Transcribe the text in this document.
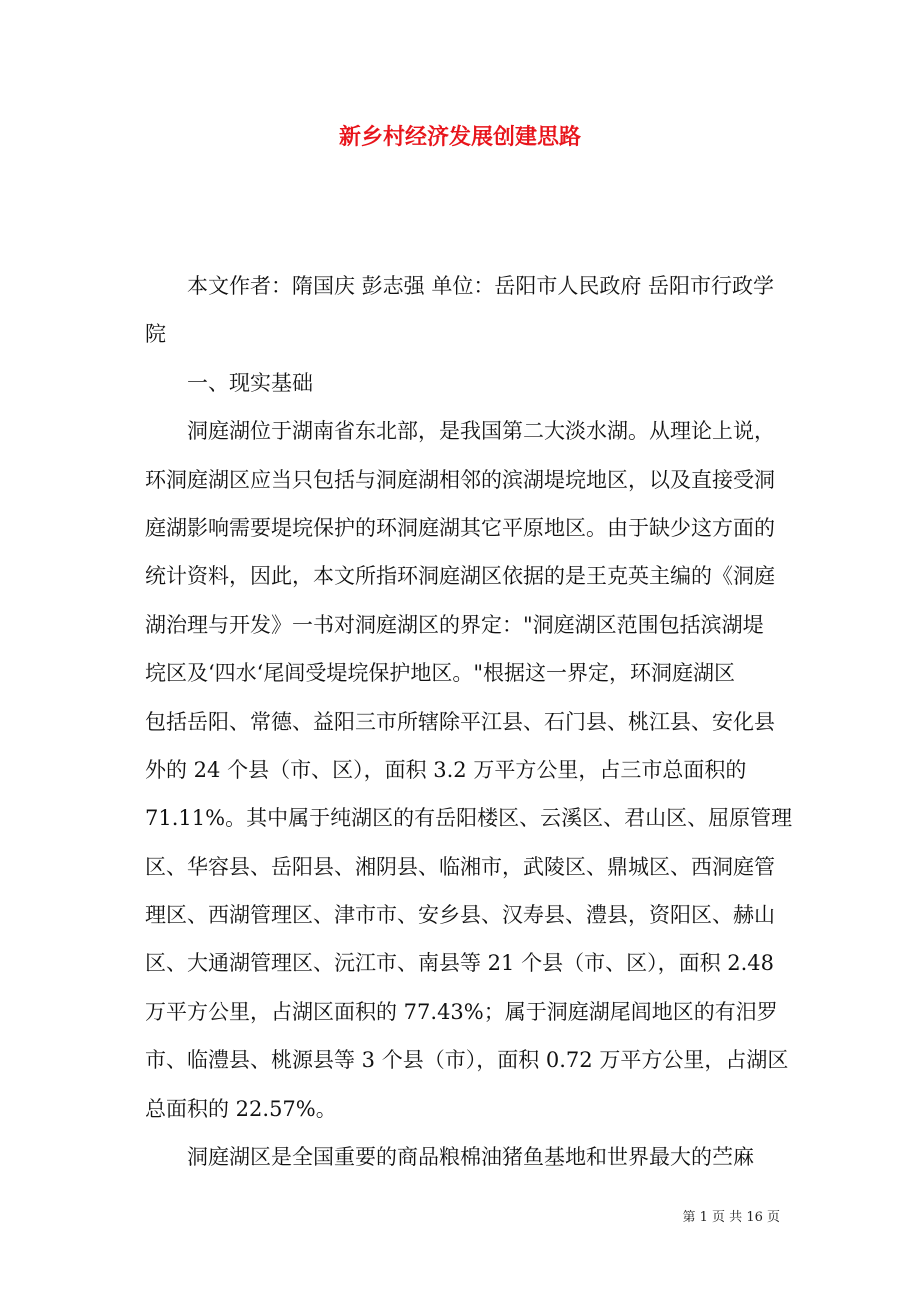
新乡村经济发展创建思路
本文作者：隋国庆 彭志强 单位：岳阳市人民政府 岳阳市行政学
院
一、现实基础
洞庭湖位于湖南省东北部，是我国第二大淡水湖。从理论上说，
环洞庭湖区应当只包括与洞庭湖相邻的滨湖堤垸地区，以及直接受洞
庭湖影响需要堤垸保护的环洞庭湖其它平原地区。由于缺少这方面的
统计资料，因此，本文所指环洞庭湖区依据的是王克英主编的《洞庭
湖治理与开发》一书对洞庭湖区的界定："洞庭湖区范围包括滨湖堤
垸区及‘四水‘尾闾受堤垸保护地区。"根据这一界定，环洞庭湖区
包括岳阳、常德、益阳三市所辖除平江县、石门县、桃江县、安化县
外的 24 个县（市、区），面积 3.2 万平方公里，占三市总面积的
71.11%。其中属于纯湖区的有岳阳楼区、云溪区、君山区、屈原管理
区、华容县、岳阳县、湘阴县、临湘市，武陵区、鼎城区、西洞庭管
理区、西湖管理区、津市市、安乡县、汉寿县、澧县，资阳区、赫山
区、大通湖管理区、沅江市、南县等 21 个县（市、区），面积 2.48
万平方公里，占湖区面积的 77.43%；属于洞庭湖尾闾地区的有汨罗
市、临澧县、桃源县等 3 个县（市），面积 0.72 万平方公里，占湖区
总面积的 22.57%。
洞庭湖区是全国重要的商品粮棉油猪鱼基地和世界最大的苎麻
第 1 页 共 16 页
